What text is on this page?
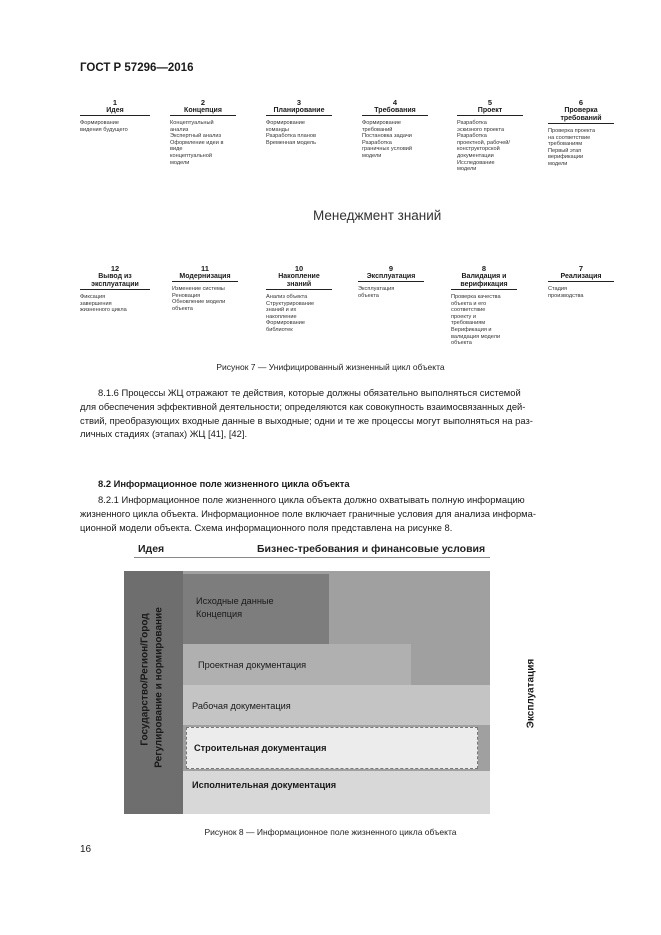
ГОСТ Р 57296—2016
1
Идея
Формирование
видения будущего
2
Концепция
Концептуальный
анализ
Экспертный анализ
Оформление идеи в
виде
концептуальной
модели
3
Планирование
Формирование
команды
Разработка планов
Временная модель
4
Требования
Формирование
требований
Постановка задачи
Разработка
граничных условий
модели
5
Проект
Разработка
эскизного проекта
Разработка
проектной, рабочей/
конструкторской
документации
Исследование
модели
6
Проверка требований
Проверка проекта
на соответствие
требованиям
Первый этап
верификации
модели
Менеджмент знаний
12
Вывод из эксплуатации
Фиксация
завершения
жизненного цикла
11
Модернизация
Изменение системы
Реновация
Обновление модели
объекта
10
Накопление знаний
Анализ объекта
Структурирование
знаний и их
накопление
Формирование
библиотек
9
Эксплуатация
Эксплуатация
объекта
8
Валидация и верификация
Проверка качества
объекта и его
соответствие
проекту и
требованиям
Верификация и
валидация модели
объекта
7
Реализация
Стадия
производства
Рисунок 7 — Унифицированный жизненный цикл объекта
8.1.6 Процессы ЖЦ отражают те действия, которые должны обязательно выполняться системой
для обеспечения эффективной деятельности; определяются как совокупность взаимосвязанных дей-
ствий, преобразующих входные данные в выходные; одни и те же процессы могут выполняться на раз-
личных стадиях (этапах) ЖЦ [41], [42].
8.2 Информационное поле жизненного цикла объекта
8.2.1 Информационное поле жизненного цикла объекта должно охватывать полную информацию
жизненного цикла объекта. Информационное поле включает граничные условия для анализа информа-
ционной модели объекта. Схема информационного поля представлена на рисунке 8.
Идея	Бизнес-требования и финансовые условия
Исходные данные
Концепция
Проектная документация
Рабочая документация
Строительная документация
Исполнительная документация
Государство/Регион/Город Регулирование и нормирование	Эксплуатация
Рисунок 8 — Информационное поле жизненного цикла объекта
16
